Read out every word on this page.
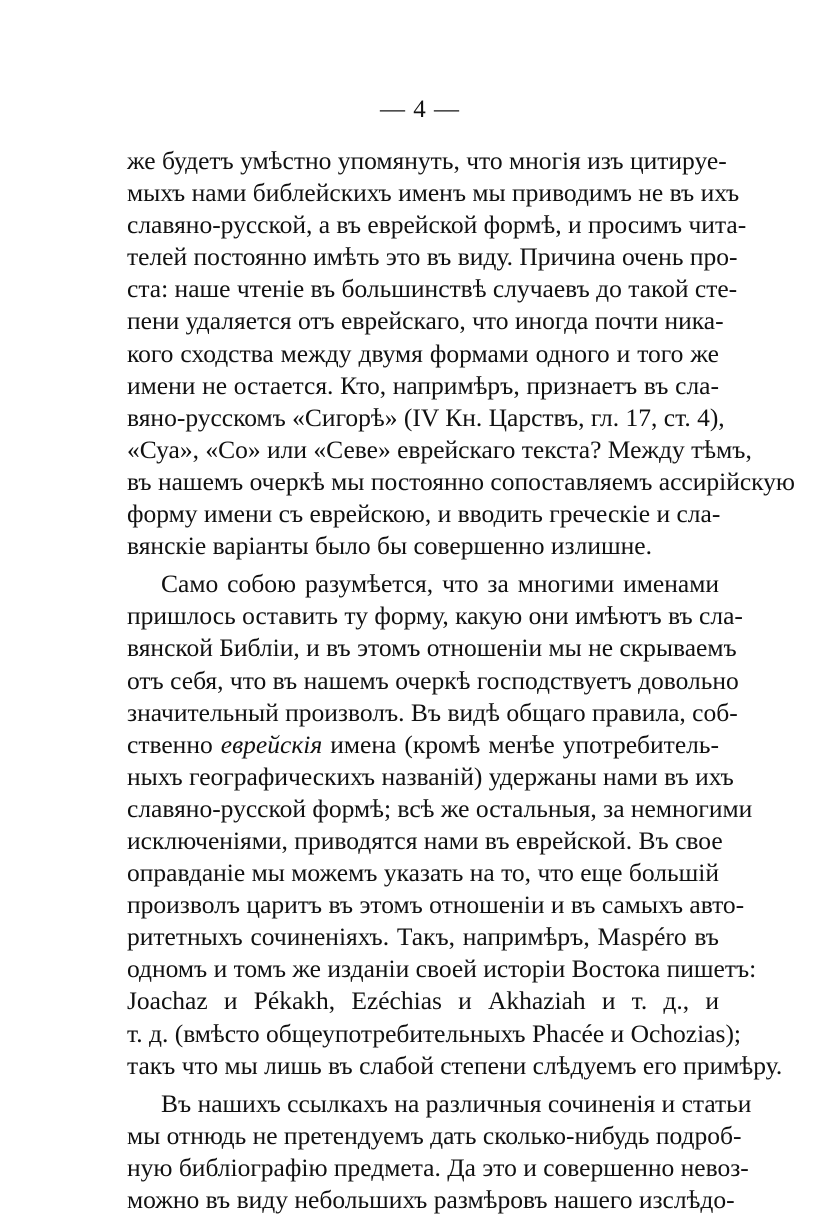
— 4 —
же будетъ умѣстно упомянуть, что многія изъ цитируе-
мыхъ нами библейскихъ именъ мы приводимъ не въ ихъ
славяно-русской, а въ еврейской формѣ, и просимъ чита-
телей постоянно имѣть это въ виду. Причина очень про-
ста: наше чтеніе въ большинствѣ случаевъ до такой сте-
пени удаляется отъ еврейскаго, что иногда почти ника-
кого сходства между двумя формами одного и того же
имени не остается. Кто, напримѣръ, признаетъ въ сла-
вяно-русскомъ «Сигорѣ» (IV Кн. Царствъ, гл. 17, ст. 4),
«Суа», «Со» или «Севе» еврейскаго текста? Между тѣмъ,
въ нашемъ очеркѣ мы постоянно сопоставляемъ ассирійскую
форму имени съ еврейскою, и вводить греческіе и сла-
вянскіе варіанты было бы совершенно излишне.
Само собою разумѣется, что за многими именами
пришлось оставить ту форму, какую они имѣютъ въ сла-
вянской Библіи, и въ этомъ отношеніи мы не скрываемъ
отъ себя, что въ нашемъ очеркѣ господствуетъ довольно
значительный произволъ. Въ видѣ общаго правила, соб-
ственно еврейскія имена (кромѣ менѣе употребитель-
ныхъ географическихъ названій) удержаны нами въ ихъ
славяно-русской формѣ; всѣ же остальныя, за немногими
исключеніями, приводятся нами въ еврейской. Въ свое
оправданіе мы можемъ указать на то, что еще большій
произволъ царитъ въ этомъ отношеніи и въ самыхъ авто-
ритетныхъ сочиненіяхъ. Такъ, напримѣръ, Maspéro въ
одномъ и томъ же изданіи своей исторіи Востока пишетъ:
Joachaz и Pékakh, Ezéchias и Akhaziah и т. д., и
т. д. (вмѣсто общеупотребительныхъ Phacée и Ochozias);
такъ что мы лишь въ слабой степени слѣдуемъ его примѣру.
Въ нашихъ ссылкахъ на различныя сочиненія и статьи
мы отнюдь не претендуемъ дать сколько-нибудь подроб-
ную библіографію предмета. Да это и совершенно невоз-
можно въ виду небольшихъ размѣровъ нашего изслѣдо-
